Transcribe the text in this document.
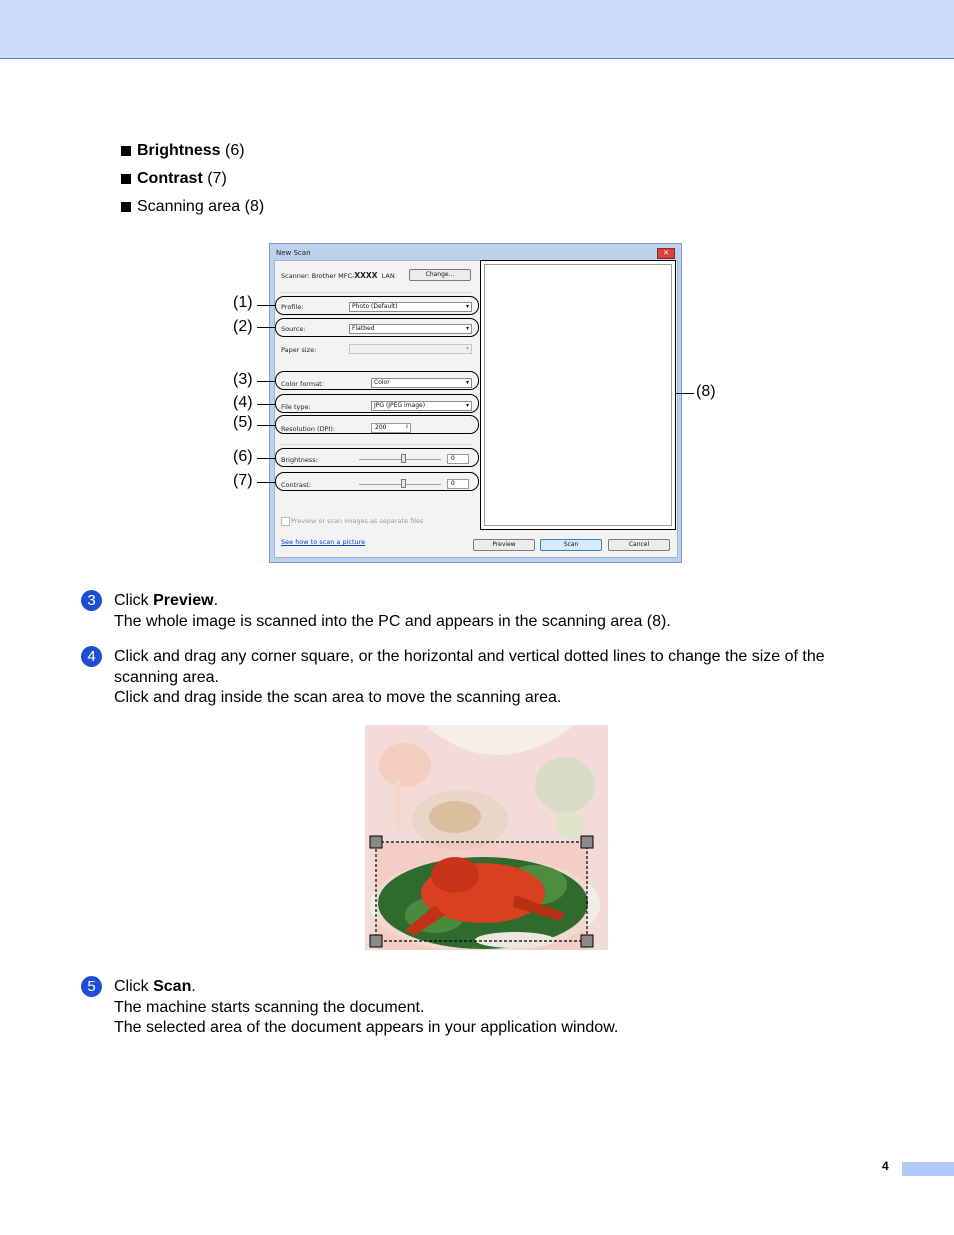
Brightness (6)
Contrast (7)
Scanning area (8)
New Scan	✕
Scanner: Brother MFC-XXXX LAN	Change...
Profile:	Photo (Default)	▾
Source:	Flatbed	▾
Paper size:	▾
Color format:	Color	▾
File type:	JPG (JPEG image)	▾
Resolution (DPI):	200	⇕
Brightness:	0
Contrast:	0
Preview or scan images as separate files
See how to scan a picture	Preview	Scan	Cancel
(1)
(2)
(3)
(4)
(5)
(6)
(7)
(8)
3	Click Preview.
The whole image is scanned into the PC and appears in the scanning area (8).
4	Click and drag any corner square, or the horizontal and vertical dotted lines to change the size of the
scanning area.
Click and drag inside the scan area to move the scanning area.
5	Click Scan.
The machine starts scanning the document.
The selected area of the document appears in your application window.
4
